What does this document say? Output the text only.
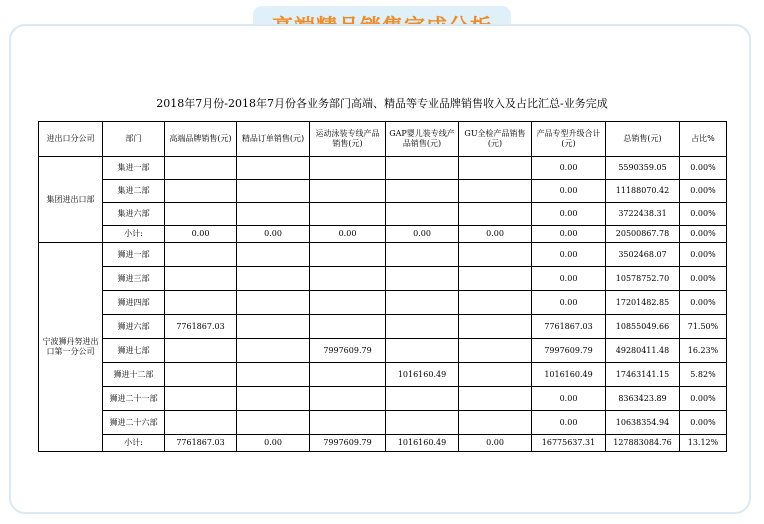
2018年7月份-2018年7月份各业务部门高端、精品等专业品牌销售收入及占比汇总-业务完成
进出口分公司	部门	高端品牌销售(元)	精品订单销售(元)	运动泳装专线产品销售(元)	GAP婴儿装专线产品销售(元)	GU全检产品销售(元)	产品专型升级合计(元)	总销售(元)	占比%
集团进出口部	集进一部						0.00	5590359.05	0.00%
	集进二部						0.00	11188070.42	0.00%
	集进六部						0.00	3722438.31	0.00%
	小计:	0.00	0.00	0.00	0.00	0.00	0.00	20500867.78	0.00%
宁波狮丹努进出口第一分公司	狮进一部						0.00	3502468.07	0.00%
	狮进三部						0.00	10578752.70	0.00%
	狮进四部						0.00	17201482.85	0.00%
	狮进六部	7761867.03					7761867.03	10855049.66	71.50%
	狮进七部			7997609.79			7997609.79	49280411.48	16.23%
	狮进十二部				1016160.49		1016160.49	17463141.15	5.82%
	狮进二十一部						0.00	8363423.89	0.00%
	狮进二十六部						0.00	10638354.94	0.00%
	小计:	7761867.03	0.00	7997609.79	1016160.49	0.00	16775637.31	127883084.76	13.12%
